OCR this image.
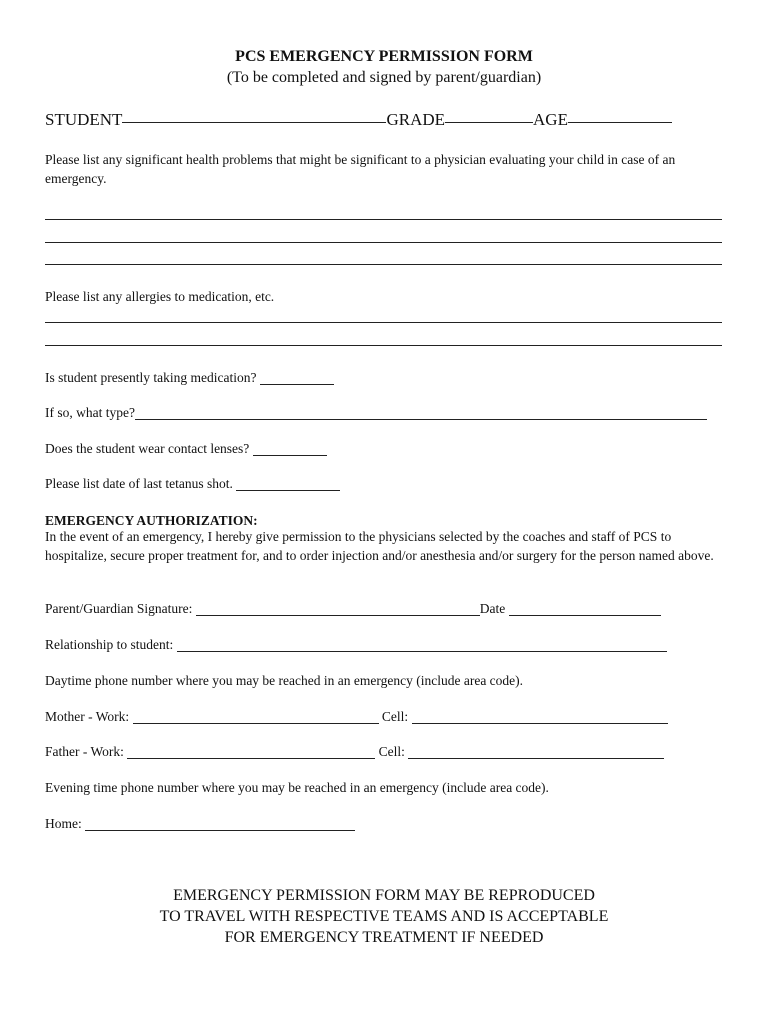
PCS EMERGENCY PERMISSION FORM
(To be completed and signed by parent/guardian)
STUDENT	GRADE	AGE
Please list any significant health problems that might be significant to a physician evaluating your child in case of an emergency.
Please list any allergies to medication, etc.
Is student presently taking medication?

If so, what type?
Does the student wear contact lenses?

Please list date of last tetanus shot.

EMERGENCY AUTHORIZATION:
In the event of an emergency, I hereby give permission to the physicians selected by the coaches and staff of PCS to hospitalize, secure proper treatment for, and to order injection and/or anesthesia and/or surgery for the person named above.
Parent/Guardian Signature:
	Date

Relationship to student:

Daytime phone number where you may be reached in an emergency (include area code).
Mother - Work:

	Cell:

Father - Work:

	Cell:

Evening time phone number where you may be reached in an emergency (include area code).
Home:

EMERGENCY PERMISSION FORM MAY BE REPRODUCED
TO TRAVEL WITH RESPECTIVE TEAMS AND IS ACCEPTABLE
FOR EMERGENCY TREATMENT IF NEEDED
